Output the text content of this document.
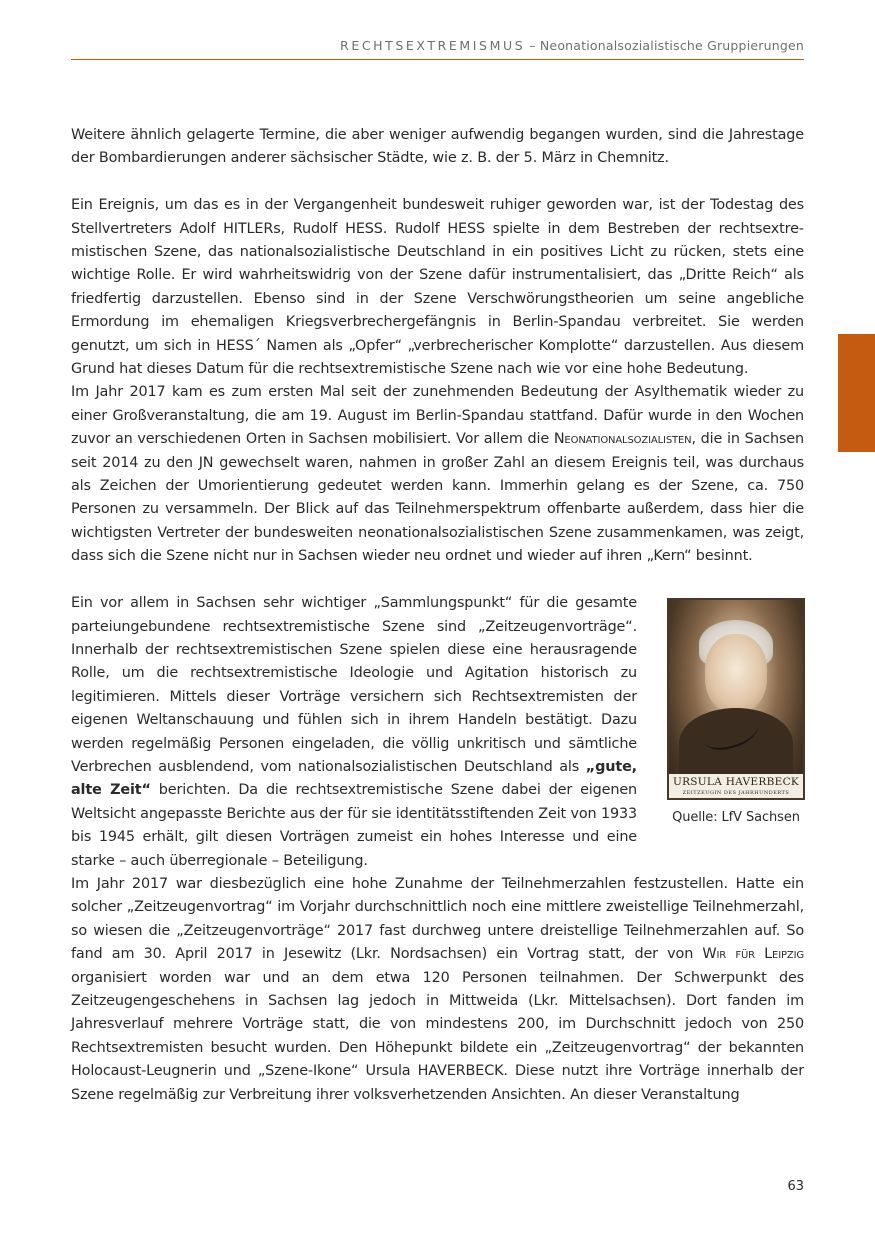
RECHTSEXTREMISMUS – Neonationalsozialistische Gruppierungen

Weitere ähnlich gelagerte Termine, die aber weniger aufwendig begangen wurden, sind die Jahrestage der Bombardierungen anderer sächsischer Städte, wie z. B. der 5. März in Chemnitz.

Ein Ereignis, um das es in der Vergangenheit bundesweit ruhiger geworden war, ist der Todestag des Stellvertreters Adolf HITLERs, Rudolf HESS. Rudolf HESS spielte in dem Bestreben der rechtsextremistischen Szene, das nationalsozialistische Deutschland in ein positives Licht zu rücken, stets eine wichtige Rolle. Er wird wahrheitswidrig von der Szene dafür instrumentalisiert, das „Dritte Reich“ als friedfertig darzustellen. Ebenso sind in der Szene Verschwörungstheorien um seine angebliche Ermordung im ehemaligen Kriegsverbrechergefängnis in Berlin-Spandau verbreitet. Sie werden genutzt, um sich in HESS´ Namen als „Opfer“ „verbrecherischer Komplotte“ darzustellen. Aus diesem Grund hat dieses Datum für die rechtsextremistische Szene nach wie vor eine hohe Bedeutung.

Im Jahr 2017 kam es zum ersten Mal seit der zunehmenden Bedeutung der Asylthematik wieder zu einer Großveranstaltung, die am 19. August im Berlin-Spandau stattfand. Dafür wurde in den Wochen zuvor an verschiedenen Orten in Sachsen mobilisiert. Vor allem die Neonationalsozialisten, die in Sachsen seit 2014 zu den JN gewechselt waren, nahmen in großer Zahl an diesem Ereignis teil, was durchaus als Zeichen der Umorientierung gedeutet werden kann. Immerhin gelang es der Szene, ca. 750 Personen zu versammeln. Der Blick auf das Teilnehmerspektrum offenbarte außerdem, dass hier die wichtigsten Vertreter der bundesweiten neonationalsozialistischen Szene zusammenkamen, was zeigt, dass sich die Szene nicht nur in Sachsen wieder neu ordnet und wieder auf ihren „Kern“ besinnt.

Ein vor allem in Sachsen sehr wichtiger „Sammlungspunkt“ für die gesamte parteiungebundene rechtsextremistische Szene sind „Zeitzeugenvorträge“. Innerhalb der rechtsextremistischen Szene spielen diese eine herausragende Rolle, um die rechtsextremistische Ideologie und Agitation historisch zu legitimieren. Mittels dieser Vorträge versichern sich Rechtsextremisten der eigenen Weltanschauung und fühlen sich in ihrem Handeln bestätigt. Dazu werden regelmäßig Personen eingeladen, die völlig unkritisch und sämtliche Verbrechen ausblendend, vom nationalsozialistischen Deutschland als „gute, alte Zeit“ berichten. Da die rechtsextremistische Szene dabei der eigenen Weltsicht angepasste Berichte aus der für sie identitätsstiftenden Zeit von 1933 bis 1945 erhält, gilt diesen Vorträgen zumeist ein hohes Interesse und eine starke – auch überregionale – Beteiligung.
URSULA HAVERBECK
ZEITZEUGIN DES JAHRHUNDERTS
Quelle: LfV Sachsen

Im Jahr 2017 war diesbezüglich eine hohe Zunahme der Teilnehmerzahlen festzustellen. Hatte ein solcher „Zeitzeugenvortrag“ im Vorjahr durchschnittlich noch eine mittlere zweistellige Teilnehmerzahl, so wiesen die „Zeitzeugenvorträge“ 2017 fast durchweg untere dreistellige Teilnehmerzahlen auf. So fand am 30. April 2017 in Jesewitz (Lkr. Nordsachsen) ein Vortrag statt, der von Wir für Leipzig organisiert worden war und an dem etwa 120 Personen teilnahmen. Der Schwerpunkt des Zeitzeugengeschehens in Sachsen lag jedoch in Mittweida (Lkr. Mittelsachsen). Dort fanden im Jahresverlauf mehrere Vorträge statt, die von mindestens 200, im Durchschnitt jedoch von 250 Rechtsextremisten besucht wurden. Den Höhepunkt bildete ein „Zeitzeugenvortrag“ der bekannten Holocaust-Leugnerin und „Szene-Ikone“ Ursula HAVERBECK. Diese nutzt ihre Vorträge innerhalb der Szene regelmäßig zur Verbreitung ihrer volksverhetzenden Ansichten. An dieser Veranstaltung

63
